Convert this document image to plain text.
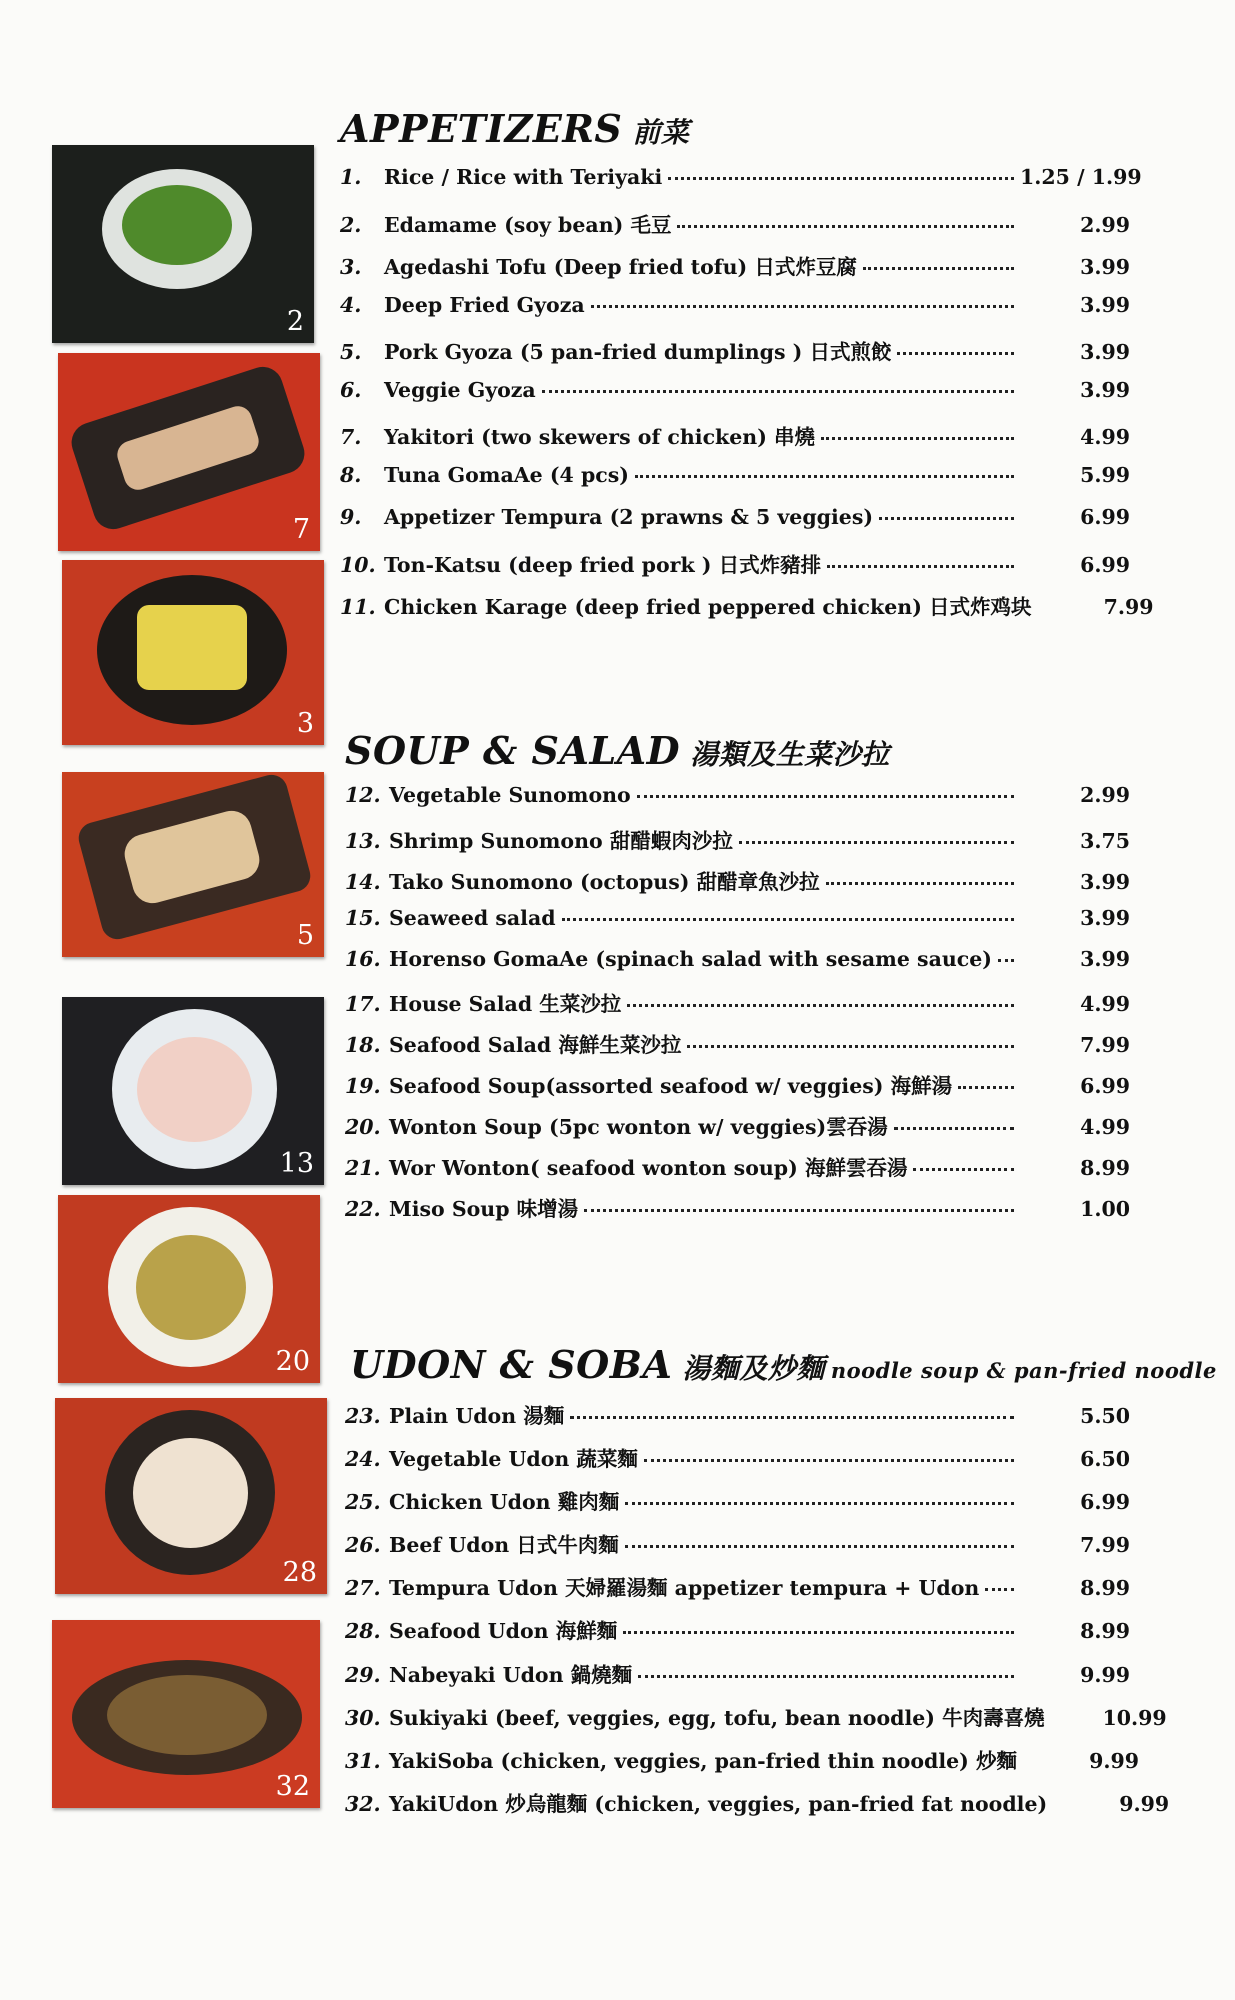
2
7
3
5
13
20
28
32
APPETIZERS 前菜
1.	Rice / Rice with Teriyaki	1.25 / 1.99
2.	Edamame (soy bean) 毛豆	2.99
3.	Agedashi Tofu (Deep fried tofu) 日式炸豆腐	3.99
4.	Deep Fried Gyoza	3.99
5.	Pork Gyoza (5 pan-fried dumplings ) 日式煎餃	3.99
6.	Veggie Gyoza	3.99
7.	Yakitori (two skewers of chicken) 串燒	4.99
8.	Tuna GomaAe (4 pcs)	5.99
9.	Appetizer Tempura (2 prawns & 5 veggies)	6.99
10. Ton-Katsu (deep fried pork ) 日式炸豬排	6.99
11. Chicken Karage (deep fried peppered chicken) 日式炸鸡块	7.99
SOUP & SALAD 湯類及生菜沙拉
12. Vegetable Sunomono	2.99
13. Shrimp Sunomono 甜醋蝦肉沙拉	3.75
14. Tako Sunomono (octopus) 甜醋章魚沙拉	3.99
15. Seaweed salad	3.99
16. Horenso GomaAe (spinach salad with sesame sauce)	3.99
17. House Salad 生菜沙拉	4.99
18. Seafood Salad 海鮮生菜沙拉	7.99
19. Seafood Soup(assorted seafood w/ veggies) 海鮮湯	6.99
20. Wonton Soup (5pc wonton w/ veggies)雲吞湯	4.99
21. Wor Wonton( seafood wonton soup) 海鮮雲吞湯	8.99
22. Miso Soup 味增湯	1.00
UDON & SOBA 湯麵及炒麵 noodle soup & pan-fried noodle
23. Plain Udon 湯麵	5.50
24. Vegetable Udon 蔬菜麵	6.50
25. Chicken Udon 雞肉麵	6.99
26. Beef Udon 日式牛肉麵	7.99
27. Tempura Udon 天婦羅湯麵 appetizer tempura + Udon	8.99
28. Seafood Udon 海鮮麵	8.99
29. Nabeyaki Udon 鍋燒麵	9.99
30. Sukiyaki (beef, veggies, egg, tofu, bean noodle) 牛肉壽喜燒	10.99
31. YakiSoba (chicken, veggies, pan-fried thin noodle) 炒麵	9.99
32. YakiUdon 炒烏龍麵 (chicken, veggies, pan-fried fat noodle)	9.99
